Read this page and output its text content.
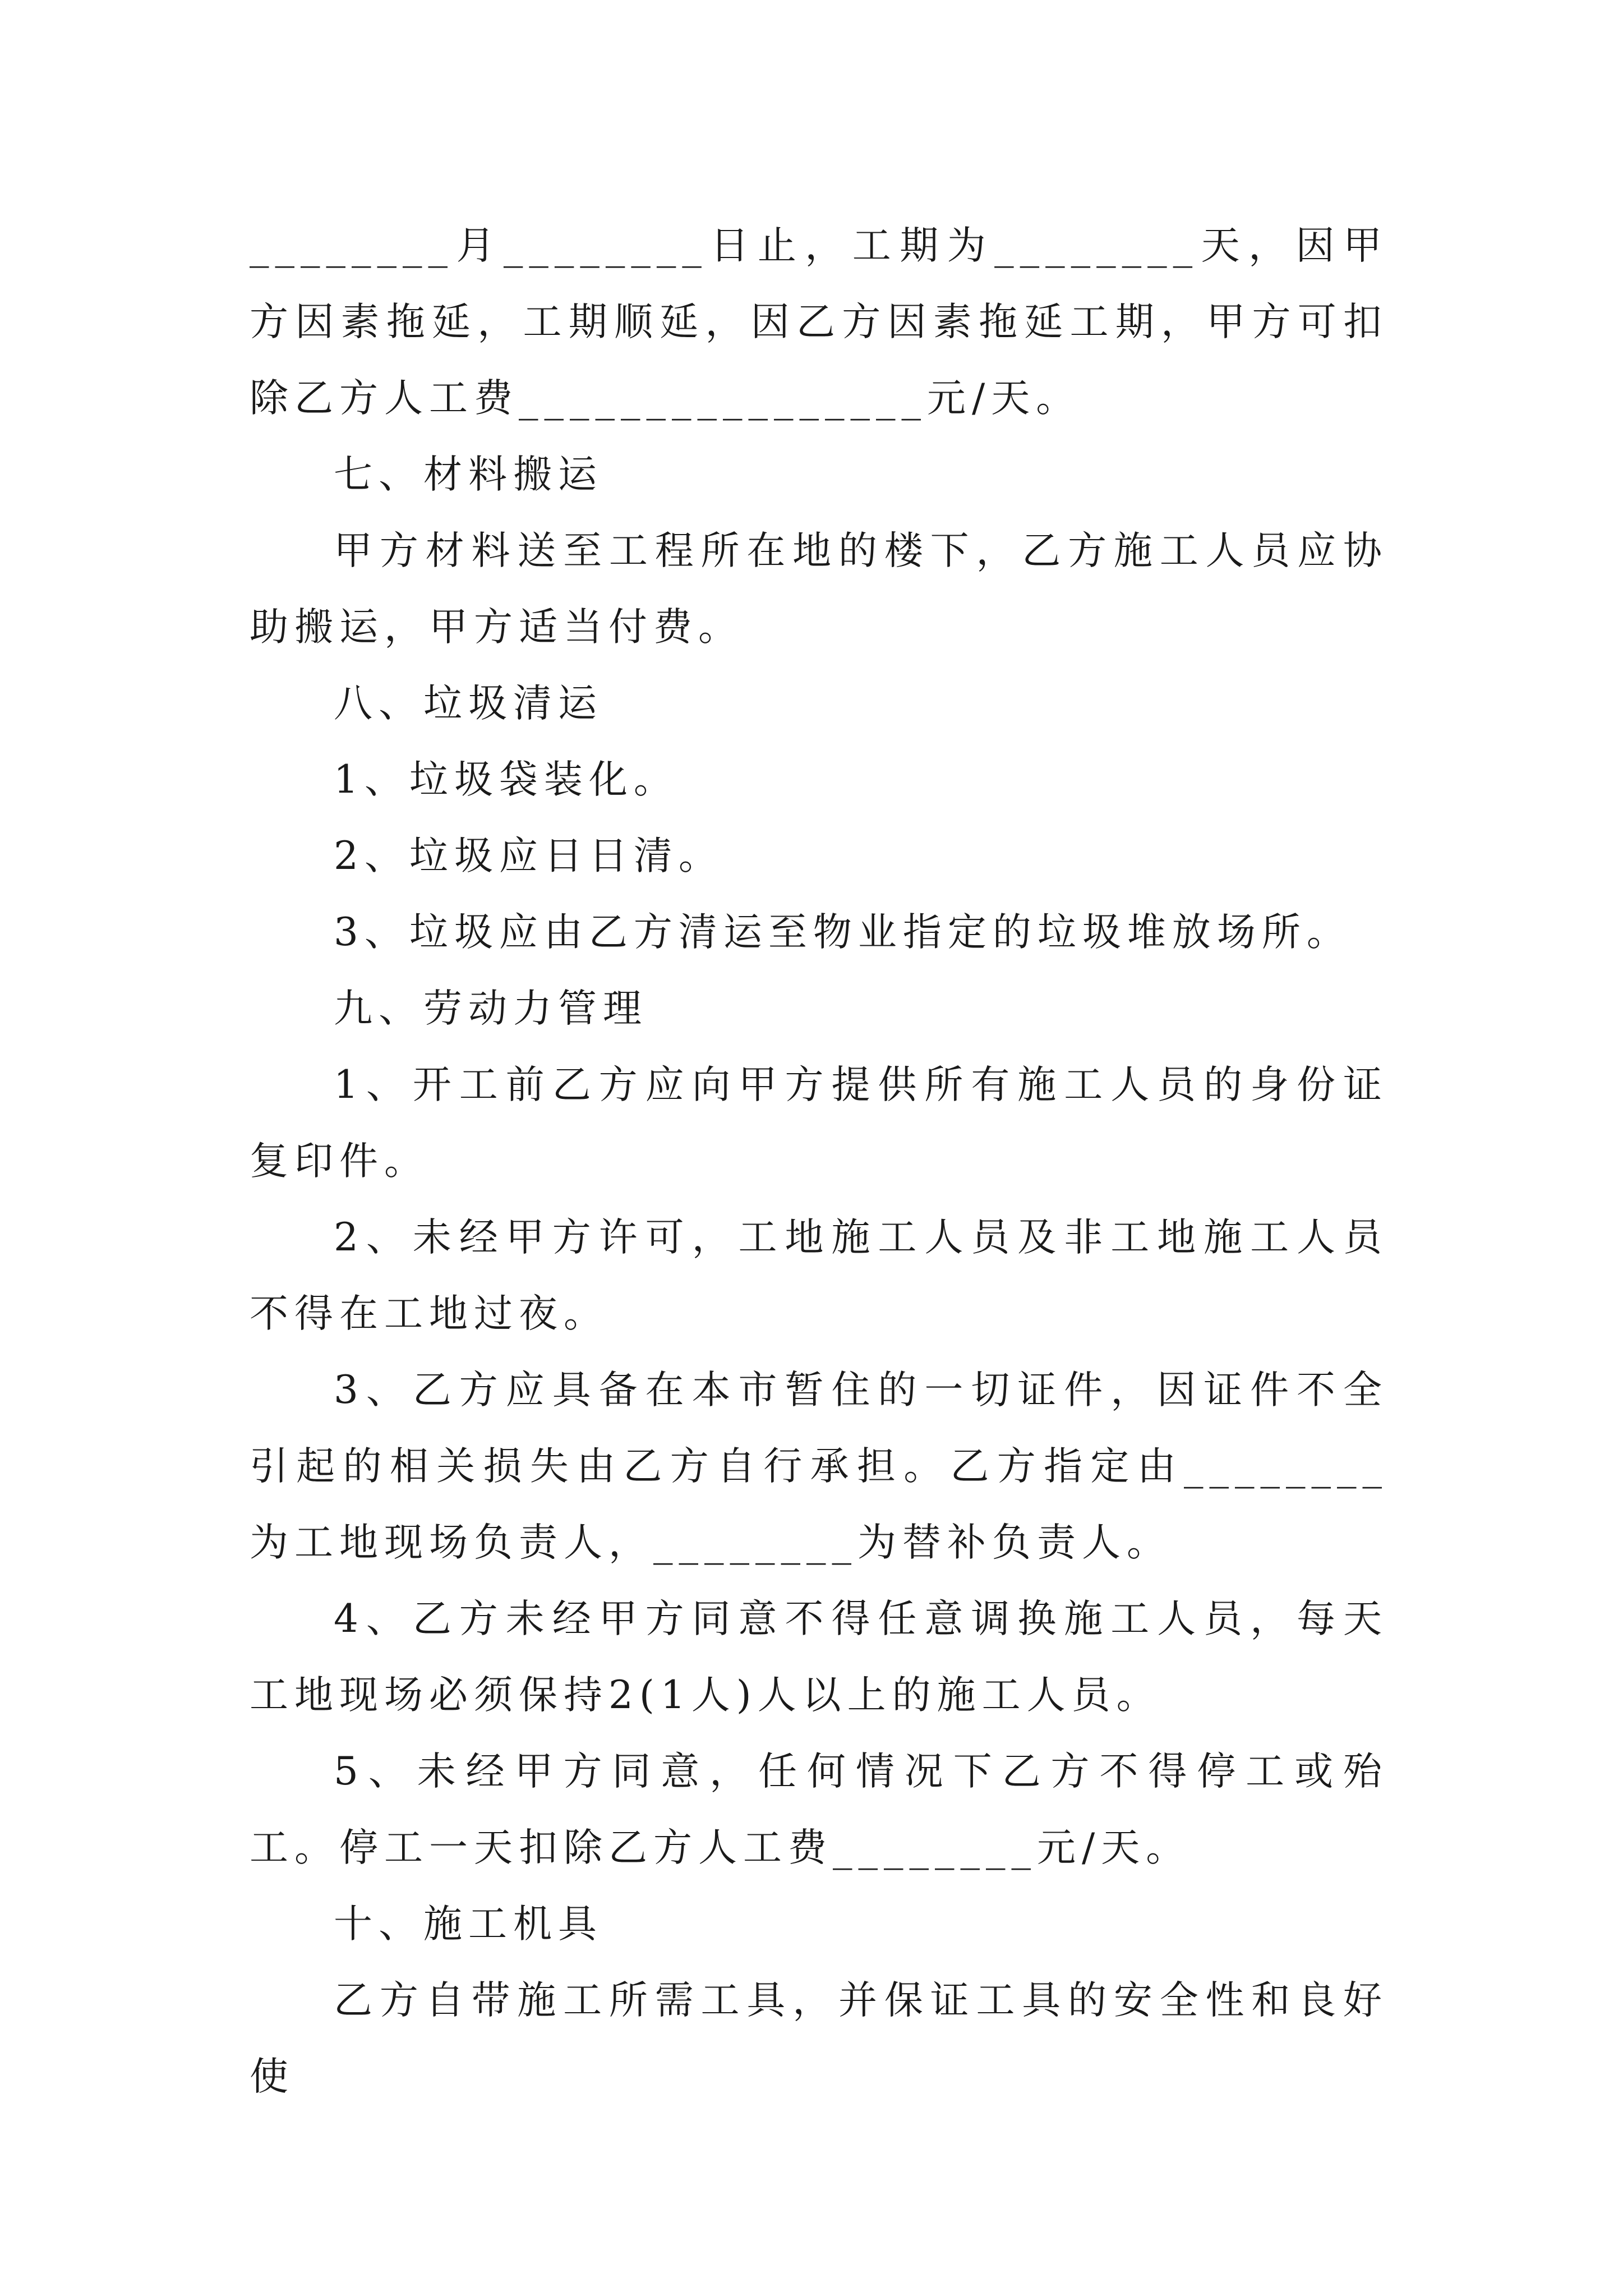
________月________日止，工期为________天，因甲方因素拖延，工期顺延，因乙方因素拖延工期，甲方可扣除乙方人工费________________元/天。

七、材料搬运

甲方材料送至工程所在地的楼下，乙方施工人员应协助搬运，甲方适当付费。

八、垃圾清运

1、垃圾袋装化。

2、垃圾应日日清。

3、垃圾应由乙方清运至物业指定的垃圾堆放场所。

九、劳动力管理

1、开工前乙方应向甲方提供所有施工人员的身份证复印件。

2、未经甲方许可，工地施工人员及非工地施工人员不得在工地过夜。

3、乙方应具备在本市暂住的一切证件，因证件不全引起的相关损失由乙方自行承担。乙方指定由________为工地现场负责人，________为替补负责人。

4、乙方未经甲方同意不得任意调换施工人员，每天工地现场必须保持2(1人)人以上的施工人员。

5、未经甲方同意，任何情况下乙方不得停工或殆工。停工一天扣除乙方人工费________元/天。

十、施工机具

乙方自带施工所需工具，并保证工具的安全性和良好使
